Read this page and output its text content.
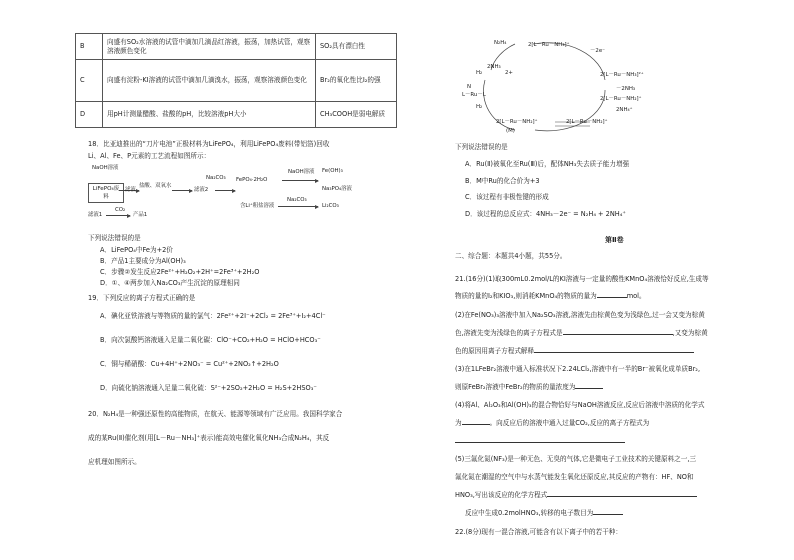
B	向盛有SO₂水溶液的试管中滴加几滴品红溶液，振荡，加热试管，观察溶液颜色变化	SO₂具有漂白性
C	向盛有淀粉-KI溶液的试管中滴加几滴溴水，振荡，观察溶液颜色变化	Br₂的氧化性比I₂的强
D	用pH计测量醋酸、盐酸的pH，比较溶液pH大小	CH₃COOH是弱电解质
18．比亚迪推出的“刀片电池”正极材料为LiFePO₄，利用LiFePO₄废料(带铝箔)回收
Li、Al、Fe、P元素的工艺流程如图所示：
NaOH溶液
LiFePO₄废料
盐酸、双氧水
滤液	滤液2
Na₂CO₃ FePO₄·2H₂O
NaOH溶液 Fe(OH)₃
Na₃PO₄溶液
含Li⁺粗盐溶液
Na₂CO₃
Li₂CO₃
滤液1
CO₂
产品1
下列说法错误的是
A．LiFePO₄中Fe为+2价
B．产品1主要成分为Al(OH)₃
C．步骤②发生反应2Fe²⁺+H₂O₂+2H⁺=2Fe³⁺+2H₂O
D．①、④两步加入Na₂CO₃产生沉淀的原理相同
19．下列反应的离子方程式正确的是
A．碘化亚铁溶液与等物质的量的氯气：2Fe²⁺+2I⁻+2Cl₂ = 2Fe³⁺+I₂+4Cl⁻
B．向次氯酸钙溶液通入足量二氧化碳：ClO⁻+CO₂+H₂O = HClO+HCO₃⁻
C．铜与稀硝酸：Cu+4H⁺+2NO₃⁻ = Cu²⁺+2NO₂↑+2H₂O
D．向硫化钠溶液通入足量二氧化硫：S²⁻+2SO₂+2H₂O = H₂S+2HSO₃⁻
20．N₂H₄是一种强还原性的高能物质，在航天、能源等领域有广泛应用。我国科学家合
成的某Ru(Ⅱ)催化剂(用[L－Ru－NH₃]⁺表示)能高效电催化氧化NH₃合成N₂H₄，其反
应机理如图所示。
N₂H₄	2[L－Ru－NH₃]⁺
－2e⁻
2NH₃
2[L－Ru－NH₃]²⁺
－2NH₃
2[L－Ru－NH₂]⁺
2NH₄⁺
2[L－Ru－NH₂]⁺
(M)
2[L－Ru－NH₂]⁺
H₂
N
L－Ru－L
H₂
2+
下列说法错误的是
A．Ru(Ⅱ)被氧化至Ru(Ⅲ)后，配体NH₃失去质子能力增强
B．M中Ru的化合价为+3
C．该过程有非极性键的形成
D．该过程的总反应式：4NH₃－2e⁻ = N₂H₄ + 2NH₄⁺
第Ⅱ卷
二、综合题：本题共4小题，共55分。
21.(16分)(1)取300mL0.2mol/L的KI溶液与一定量的酸性KMnO₄溶液恰好反应,生成等
物质的量的I₂和KIO₃,则消耗KMnO₄的物质的量为	mol。
(2)在Fe(NO₃)₃溶液中加入Na₂SO₃溶液,溶液先由棕黄色变为浅绿色,过一会又变为棕黄
色,溶液先变为浅绿色的离子方程式是	,又变为棕黄
色的原因用离子方程式解释
(3)在1LFeBr₂溶液中通入标准状况下2.24LCl₂,溶液中有一半的Br⁻被氧化成单质Br₂,
则原FeBr₂溶液中FeBr₂的物质的量浓度为
(4)将Al、Al₂O₃和Al(OH)₃的混合物恰好与NaOH溶液反应,反应后溶液中溶质的化学式
为	。向反应后的溶液中通入过量CO₂,反应的离子方程式为
(5)三氟化氮(NF₃)是一种无色、无臭的气体,它是微电子工业技术的关键原料之一,三
氟化氮在潮湿的空气中与水蒸气能发生氧化还原反应,其反应的产物有：HF、NO和
HNO₃,写出该反应的化学方程式
反应中生成0.2molHNO₃,转移的电子数目为
22.(8分)现有一混合溶液,可能含有以下离子中的若干种：
